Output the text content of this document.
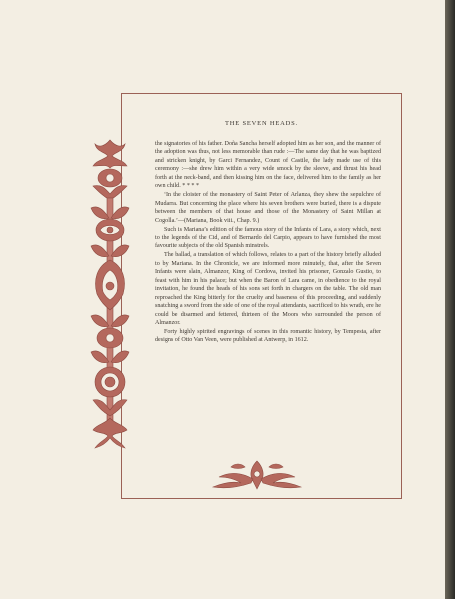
THE SEVEN HEADS.

the signatories of his father. Doña Sancha herself adopted him as her son, and the manner of the adoption was thus, not less memorable than rude :—The same day that he was baptized and stricken knight, by Garci Fernandez, Count of Castile, the lady made use of this ceremony :—she drew him within a very wide smock by the sleeve, and thrust his head forth at the neck-band, and then kissing him on the face, delivered him to the family as her own child. * * * *

‘In the cloister of the monastery of Saint Peter of Arlanza, they shew the sepulchre of Mudarra. But concerning the place where his seven brothers were buried, there is a dispute between the members of that house and those of the Monastery of Saint Millan at Cogolla.’—(Mariana, Book viii., Chap. 9.)

Such is Mariana’s edition of the famous story of the Infants of Lara, a story which, next to the legends of the Cid, and of Bernardo del Carpio, appears to have furnished the most favourite subjects of the old Spanish minstrels.

The ballad, a translation of which follows, relates to a part of the history briefly alluded to by Mariana. In the Chronicle, we are informed more minutely, that, after the Seven Infants were slain, Almanzor, King of Cordova, invited his prisoner, Gonzalo Gustio, to feast with him in his palace; but when the Baron of Lara came, in obedience to the royal invitation, he found the heads of his sons set forth in chargers on the table. The old man reproached the King bitterly for the cruelty and baseness of this proceeding, and suddenly snatching a sword from the side of one of the royal attendants, sacrificed to his wrath, ere he could be disarmed and fettered, thirteen of the Moors who surrounded the person of Almanzor.

Forty highly spirited engravings of scenes in this romantic history, by Tempesta, after designs of Otto Van Veen, were published at Antwerp, in 1612.
